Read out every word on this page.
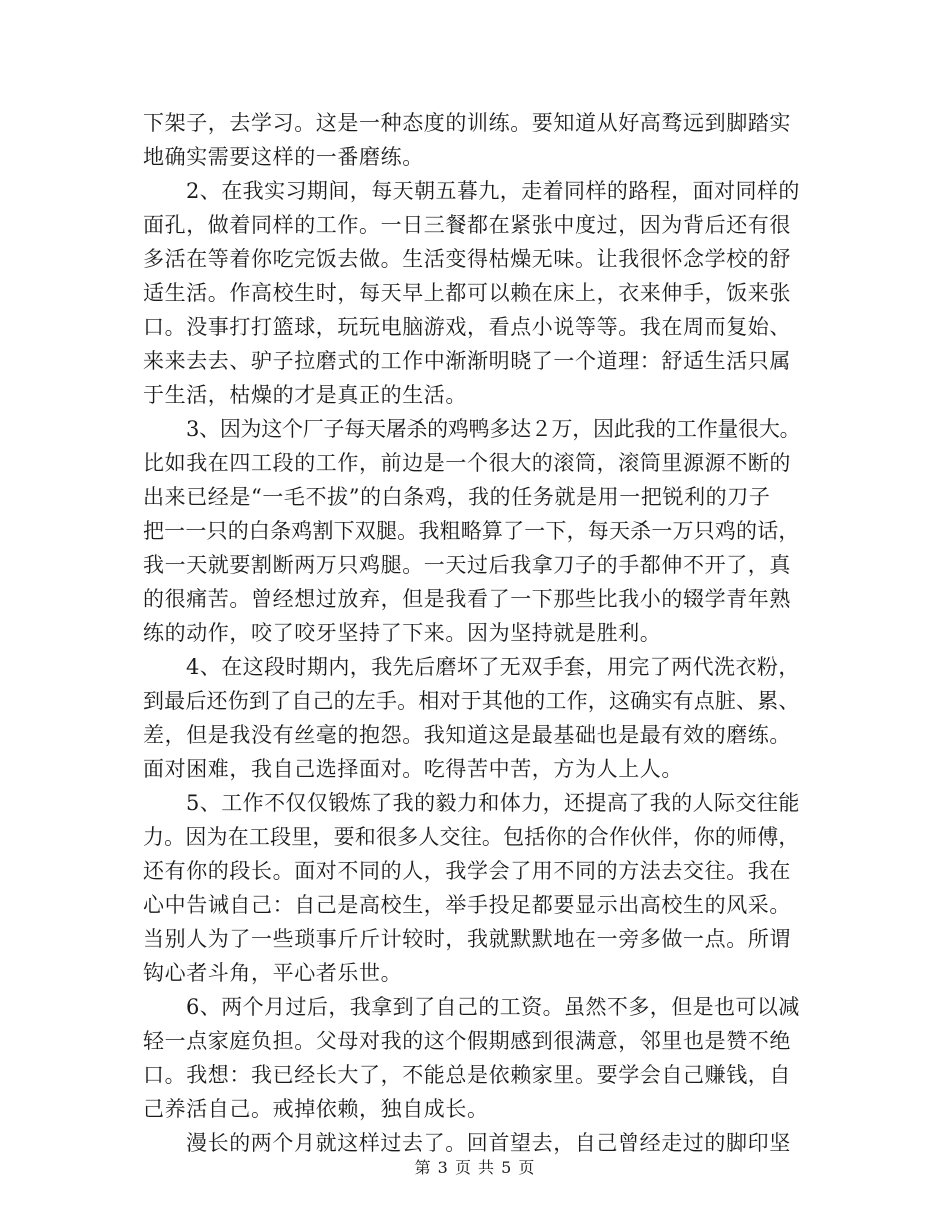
下架子，去学习。这是一种态度的训练。要知道从好高骛远到脚踏实
地确实需要这样的一番磨练。
2、在我实习期间，每天朝五暮九，走着同样的路程，面对同样的
面孔，做着同样的工作。一日三餐都在紧张中度过，因为背后还有很
多活在等着你吃完饭去做。生活变得枯燥无味。让我很怀念学校的舒
适生活。作高校生时，每天早上都可以赖在床上，衣来伸手，饭来张
口。没事打打篮球，玩玩电脑游戏，看点小说等等。我在周而复始、
来来去去、驴子拉磨式的工作中渐渐明晓了一个道理：舒适生活只属
于生活，枯燥的才是真正的生活。
3、因为这个厂子每天屠杀的鸡鸭多达２万，因此我的工作量很大。
比如我在四工段的工作，前边是一个很大的滚筒，滚筒里源源不断的
出来已经是“一毛不拔”的白条鸡，我的任务就是用一把锐利的刀子
把一一只的白条鸡割下双腿。我粗略算了一下，每天杀一万只鸡的话，
我一天就要割断两万只鸡腿。一天过后我拿刀子的手都伸不开了，真
的很痛苦。曾经想过放弃，但是我看了一下那些比我小的辍学青年熟
练的动作，咬了咬牙坚持了下来。因为坚持就是胜利。
4、在这段时期内，我先后磨坏了无双手套，用完了两代洗衣粉，
到最后还伤到了自己的左手。相对于其他的工作，这确实有点脏、累、
差，但是我没有丝毫的抱怨。我知道这是最基础也是最有效的磨练。
面对困难，我自己选择面对。吃得苦中苦，方为人上人。
5、工作不仅仅锻炼了我的毅力和体力，还提高了我的人际交往能
力。因为在工段里，要和很多人交往。包括你的合作伙伴，你的师傅，
还有你的段长。面对不同的人，我学会了用不同的方法去交往。我在
心中告诫自己：自己是高校生，举手投足都要显示出高校生的风采。
当别人为了一些琐事斤斤计较时，我就默默地在一旁多做一点。所谓
钩心者斗角，平心者乐世。
6、两个月过后，我拿到了自己的工资。虽然不多，但是也可以减
轻一点家庭负担。父母对我的这个假期感到很满意，邻里也是赞不绝
口。我想：我已经长大了，不能总是依赖家里。要学会自己赚钱，自
己养活自己。戒掉依赖，独自成长。
漫长的两个月就这样过去了。回首望去，自己曾经走过的脚印坚
第 3 页 共 5 页
